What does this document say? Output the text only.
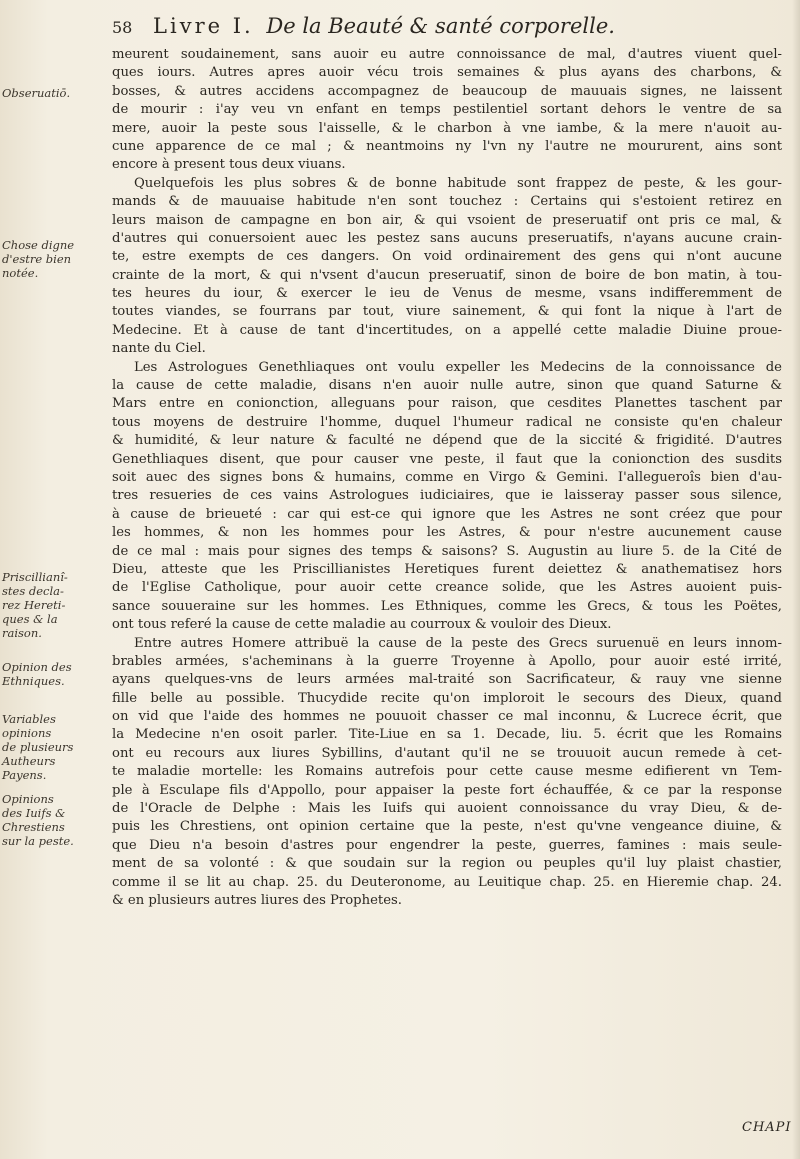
58 Livre I. De la Beauté & santé corporelle.
meurent soudainement, sans auoir eu autre connoissance de mal, d'autres viuent quel-
ques iours. Autres apres auoir vécu trois semaines & plus ayans des charbons, &
bosses, & autres accidens accompagnez de beaucoup de mauuais signes, ne laissent
de mourir : i'ay veu vn enfant en temps pestilentiel sortant dehors le ventre de sa
mere, auoir la peste sous l'aisselle, & le charbon à vne iambe, & la mere n'auoit au-
cune apparence de ce mal ; & neantmoins ny l'vn ny l'autre ne moururent, ains sont
encore à present tous deux viuans.
Quelquefois les plus sobres & de bonne habitude sont frappez de peste, & les gour-
mands & de mauuaise habitude n'en sont touchez : Certains qui s'estoient retirez en
leurs maison de campagne en bon air, & qui vsoient de preseruatif ont pris ce mal, &
d'autres qui conuersoient auec les pestez sans aucuns preseruatifs, n'ayans aucune crain-
te, estre exempts de ces dangers. On void ordinairement des gens qui n'ont aucune
crainte de la mort, & qui n'vsent d'aucun preseruatif, sinon de boire de bon matin, à tou-
tes heures du iour, & exercer le ieu de Venus de mesme, vsans indifferemment de
toutes viandes, se fourrans par tout, viure sainement, & qui font la nique à l'art de
Medecine. Et à cause de tant d'incertitudes, on a appellé cette maladie Diuine proue-
nante du Ciel.
Les Astrologues Genethliaques ont voulu expeller les Medecins de la connoissance de
la cause de cette maladie, disans n'en auoir nulle autre, sinon que quand Saturne &
Mars entre en conionction, alleguans pour raison, que cesdites Planettes taschent par
tous moyens de destruire l'homme, duquel l'humeur radical ne consiste qu'en chaleur
& humidité, & leur nature & faculté ne dépend que de la siccité & frigidité. D'autres
Genethliaques disent, que pour causer vne peste, il faut que la conionction des susdits
soit auec des signes bons & humains, comme en Virgo & Gemini. I'allegueroîs bien d'au-
tres resueries de ces vains Astrologues iudiciaires, que ie laisseray passer sous silence,
à cause de brieueté : car qui est-ce qui ignore que les Astres ne sont créez que pour
les hommes, & non les hommes pour les Astres, & pour n'estre aucunement cause
de ce mal : mais pour signes des temps & saisons? S. Augustin au liure 5. de la Cité de
Dieu, atteste que les Priscillianistes Heretiques furent deiettez & anathematisez hors
de l'Eglise Catholique, pour auoir cette creance solide, que les Astres auoient puis-
sance souueraine sur les hommes. Les Ethniques, comme les Grecs, & tous les Poëtes,
ont tous referé la cause de cette maladie au courroux & vouloir des Dieux.
Entre autres Homere attribuë la cause de la peste des Grecs suruenuë en leurs innom-
brables armées, s'acheminans à la guerre Troyenne à Apollo, pour auoir esté irrité,
ayans quelques-vns de leurs armées mal-traité son Sacrificateur, & rauy vne sienne
fille belle au possible. Thucydide recite qu'on imploroit le secours des Dieux, quand
on vid que l'aide des hommes ne pouuoit chasser ce mal inconnu, & Lucrece écrit, que
la Medecine n'en osoit parler. Tite-Liue en sa 1. Decade, liu. 5. écrit que les Romains
ont eu recours aux liures Sybillins, d'autant qu'il ne se trouuoit aucun remede à cet-
te maladie mortelle: les Romains autrefois pour cette cause mesme edifierent vn Tem-
ple à Esculape fils d'Appollo, pour appaiser la peste fort échauffée, & ce par la response
de l'Oracle de Delphe : Mais les Iuifs qui auoient connoissance du vray Dieu, & de-
puis les Chrestiens, ont opinion certaine que la peste, n'est qu'vne vengeance diuine, &
que Dieu n'a besoin d'astres pour engendrer la peste, guerres, famines : mais seule-
ment de sa volonté : & que soudain sur la region ou peuples qu'il luy plaist chastier,
comme il se lit au chap. 25. du Deuteronome, au Leuitique chap. 25. en Hieremie chap. 24.
& en plusieurs autres liures des Prophetes.
Obseruatiō.
Chose digne
d'estre bien
notée.
Priscillianî-
stes decla-
rez Hereti-
ques & la
raison.
Opinion des
Ethniques.
Variables
opinions
de plusieurs
Autheurs
Payens.
Opinions
des Iuifs &
Chrestiens
sur la peste.
CHAPI
